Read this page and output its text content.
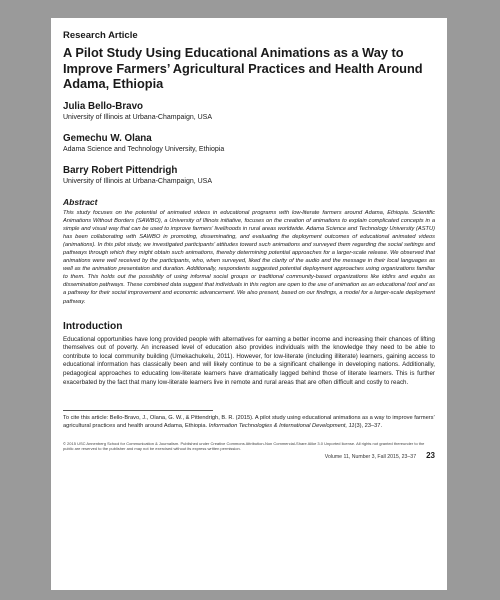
Research Article
A Pilot Study Using Educational Animations as a Way to Improve Farmers’ Agricultural Practices and Health Around Adama, Ethiopia
Julia Bello-Bravo
University of Illinois at Urbana-Champaign, USA
Gemechu W. Olana
Adama Science and Technology University, Ethiopia
Barry Robert Pittendrigh
University of Illinois at Urbana-Champaign, USA
Abstract

This study focuses on the potential of animated videos in educational programs with low-literate farmers around Adama, Ethiopia. Scientific Animations Without Borders (SAWBO), a University of Illinois initiative, focuses on the creation of animations to explain complicated concepts in a simple and visual way that can be used to improve farmers’ livelihoods in rural areas worldwide. Adama Science and Technology University (ASTU) has been collaborating with SAWBO in promoting, disseminating, and evaluating the deployment outcomes of educational animated videos (animations). In this pilot study, we investigated participants’ attitudes toward such animations and surveyed them regarding the social settings and pathways through which they might obtain such animations, thereby determining potential approaches for a larger-scale release. We observed that animations were well received by the participants, who, when surveyed, liked the clarity of the audio and the message in their local languages as well as the animation presentation and duration. Additionally, respondents suggested potential deployment approaches using organizations familiar to them. This holds out the possibility of using informal social groups or traditional community-based organizations like iddirs and equbs as dissemination pathways. These combined data suggest that individuals in this region are open to the use of animation as an educational tool and as a pathway for their social improvement and economic advancement. We also present, based on our findings, a model for a larger-scale deployment pathway.

Introduction

Educational opportunities have long provided people with alternatives for earning a better income and increasing their chances of lifting themselves out of poverty. An increased level of education also provides individuals with the knowledge they need to be able to contribute to local community building (Umekachukelu, 2011). However, for low-literate (including illiterate) learners, gaining access to educational information has classically been and will likely continue to be a significant challenge in developing nations. Additionally, pedagogical approaches to educating low-literate learners have dramatically lagged behind those of literate learners. This is further exacerbated by the fact that many low-literate learners live in remote and rural areas that are often difficult and costly to reach.

To cite this article: Bello-Bravo, J., Olana, G. W., & Pittendrigh, B. R. (2015). A pilot study using educational animations as a way to improve farmers’ agricultural practices and health around Adama, Ethiopia. Information Technologies & International Development, 11(3), 23–37.

© 2015 USC Annenberg School for Communication & Journalism. Published under Creative Commons Attribution-Non Commercial-Share Alike 3.0 Unported license. All rights not granted thereunder to the public are reserved to the publisher and may not be exercised without its express written permission.

Volume 11, Number 3, Fall 2015, 23–37 23
